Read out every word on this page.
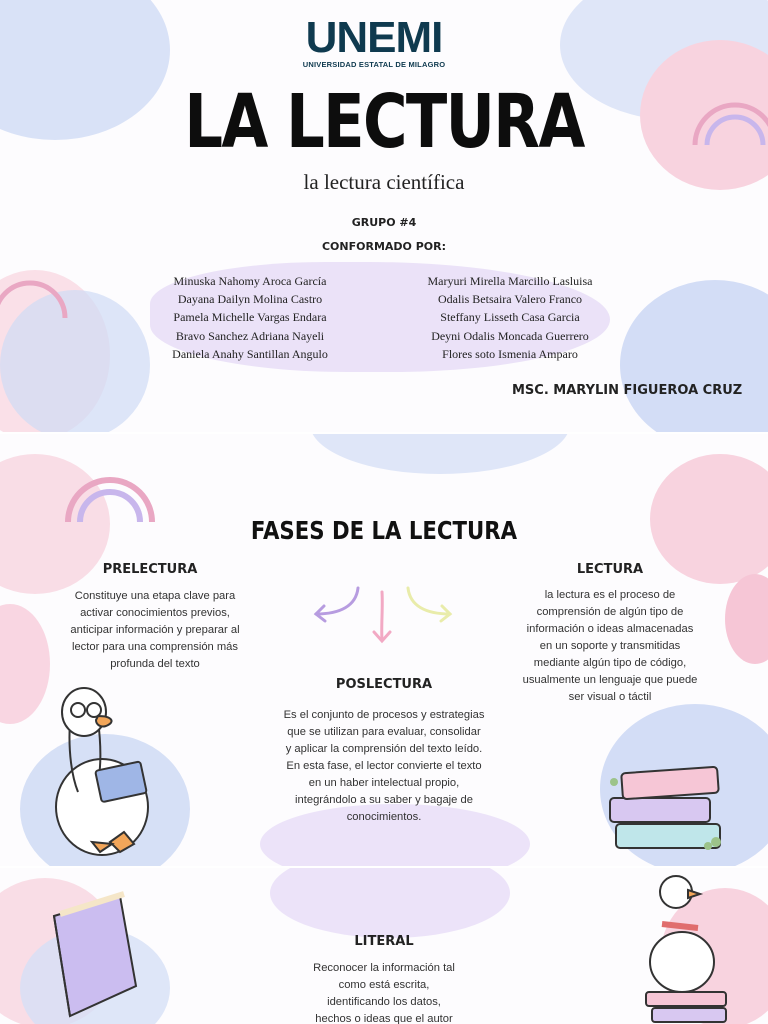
UNEMI
UNIVERSIDAD ESTATAL DE MILAGRO
LA LECTURA
la lectura científica
GRUPO #4
CONFORMADO POR:
Minuska Nahomy Aroca García
Dayana Dailyn Molina Castro
Pamela Michelle Vargas Endara
Bravo Sanchez Adriana Nayeli
Daniela Anahy Santillan Angulo
Maryuri Mirella Marcillo Lasluisa
Odalis Betsaira Valero Franco
Steffany Lisseth Casa Garcia
Deyni Odalis Moncada Guerrero
Flores soto Ismenia Amparo
MSC. MARYLIN FIGUEROA CRUZ
FASES DE LA LECTURA
PRELECTURA
Constituye una etapa clave para
activar conocimientos previos,
anticipar información y preparar al
lector para una comprensión más
profunda del texto
LECTURA
la lectura es el proceso de
comprensión de algún tipo de
información o ideas almacenadas
en un soporte y transmitidas
mediante algún tipo de código,
usualmente un lenguaje que puede
ser visual o táctil
POSLECTURA
Es el conjunto de procesos y estrategias
que se utilizan para evaluar, consolidar
y aplicar la comprensión del texto leído.
En esta fase, el lector convierte el texto
en un haber intelectual propio,
integrándolo a su saber y bagaje de
conocimientos.
LITERAL
Reconocer la información tal
como está escrita,
identificando los datos,
hechos o ideas que el autor
